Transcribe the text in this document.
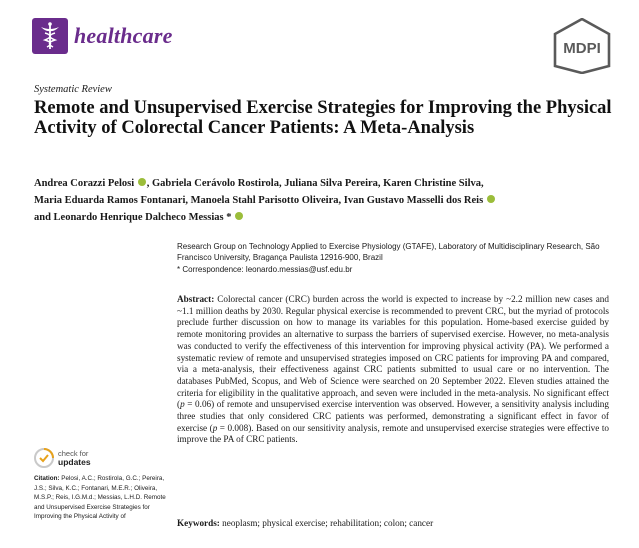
healthcare
MDPI
Systematic Review
Remote and Unsupervised Exercise Strategies for Improving the Physical Activity of Colorectal Cancer Patients: A Meta-Analysis
Andrea Corazzi Pelosi , Gabriela Cerávolo Rostirola, Juliana Silva Pereira, Karen Christine Silva,
Maria Eduarda Ramos Fontanari, Manoela Stahl Parisotto Oliveira, Ivan Gustavo Masselli dos Reis
and Leonardo Henrique Dalcheco Messias *
Research Group on Technology Applied to Exercise Physiology (GTAFE), Laboratory of Multidisciplinary Research, São Francisco University, Bragança Paulista 12916-900, Brazil
* Correspondence: leonardo.messias@usf.edu.br
Abstract: Colorectal cancer (CRC) burden across the world is expected to increase by ~2.2 million new cases and ~1.1 million deaths by 2030. Regular physical exercise is recommended to prevent CRC, but the myriad of protocols preclude further discussion on how to manage its variables for this population. Home-based exercise guided by remote monitoring provides an alternative to surpass the barriers of supervised exercise. However, no meta-analysis was conducted to verify the effectiveness of this intervention for improving physical activity (PA). We performed a systematic review of remote and unsupervised strategies imposed on CRC patients for improving PA and compared, via a meta-analysis, their effectiveness against CRC patients submitted to usual care or no intervention. The databases PubMed, Scopus, and Web of Science were searched on 20 September 2022. Eleven studies attained the criteria for eligibility in the qualitative approach, and seven were included in the meta-analysis. No significant effect (p = 0.06) of remote and unsupervised exercise intervention was observed. However, a sensitivity analysis including three studies that only considered CRC patients was performed, demonstrating a significant effect in favor of exercise (p = 0.008). Based on our sensitivity analysis, remote and unsupervised exercise strategies were effective to improve the PA of CRC patients.
Keywords: neoplasm; physical exercise; rehabilitation; colon; cancer
check for
updates
Citation: Pelosi, A.C.; Rostirola, G.C.; Pereira, J.S.; Silva, K.C.; Fontanari, M.E.R.; Oliveira, M.S.P.; Reis, I.G.M.d.; Messias, L.H.D. Remote and Unsupervised Exercise Strategies for Improving the Physical Activity of
